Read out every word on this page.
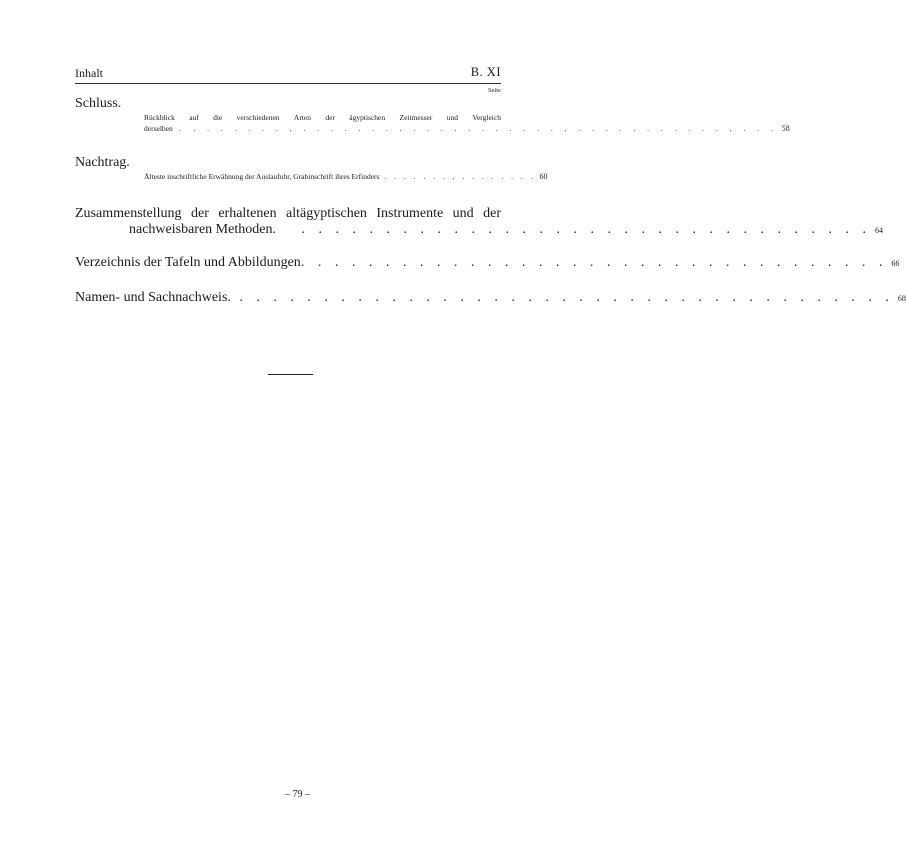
Inhalt	B. XI
Seite
Schluss.
Rückblick auf die verschiedenen Arten der ägyptischen Zeitmesser und Vergleich
derselben . . . . . . . . . . . . . . . . . . . . . . . . . . . . . . . . . . . . . . . . . . . . 58
Nachtrag.
Älteste inschriftliche Erwähnung der Auslaufuhr, Grabinschrift ihres Erfinders . . . . . . . . . . . . . . . . 60
Zusammenstellung der erhaltenen altägyptischen Instrumente und der
nachweisbaren Methoden. . . . . . . . . . . . . . . . . . . . . . . . . . . . . . . . . . . 64
Verzeichnis der Tafeln und Abbildungen . . . . . . . . . . . . . . . . . . . . . . . . . . . . . . . . . . . 66
Namen- und Sachnachweis. . . . . . . . . . . . . . . . . . . . . . . . . . . . . . . . . . . . . . . . 68
– 79 –
